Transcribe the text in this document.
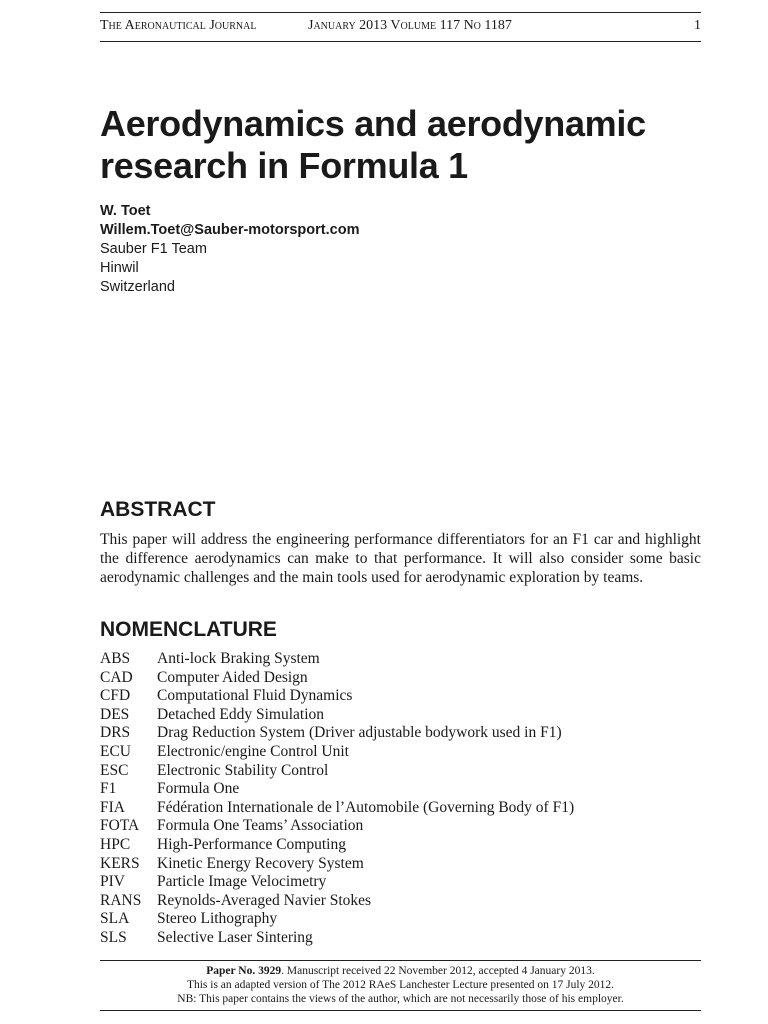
The Aeronautical Journal	January 2013 Volume 117 No 1187	1
Aerodynamics and aerodynamic research in Formula 1
W. Toet
Willem.Toet@Sauber-motorsport.com
Sauber F1 Team
Hinwil
Switzerland
ABSTRACT

This paper will address the engineering performance differentiators for an F1 car and highlight the difference aerodynamics can make to that performance. It will also consider some basic aerodynamic challenges and the main tools used for aerodynamic exploration by teams.

NOMENCLATURE
ABS	Anti-lock Braking System
CAD	Computer Aided Design
CFD	Computational Fluid Dynamics
DES	Detached Eddy Simulation
DRS	Drag Reduction System (Driver adjustable bodywork used in F1)
ECU	Electronic/engine Control Unit
ESC	Electronic Stability Control
F1	Formula One
FIA	Fédération Internationale de l’Automobile (Governing Body of F1)
FOTA	Formula One Teams’ Association
HPC	High-Performance Computing
KERS	Kinetic Energy Recovery System
PIV	Particle Image Velocimetry
RANS	Reynolds-Averaged Navier Stokes
SLA	Stereo Lithography
SLS	Selective Laser Sintering
Paper No. 3929. Manuscript received 22 November 2012, accepted 4 January 2013.
This is an adapted version of The 2012 RAeS Lanchester Lecture presented on 17 July 2012.
NB: This paper contains the views of the author, which are not necessarily those of his employer.
